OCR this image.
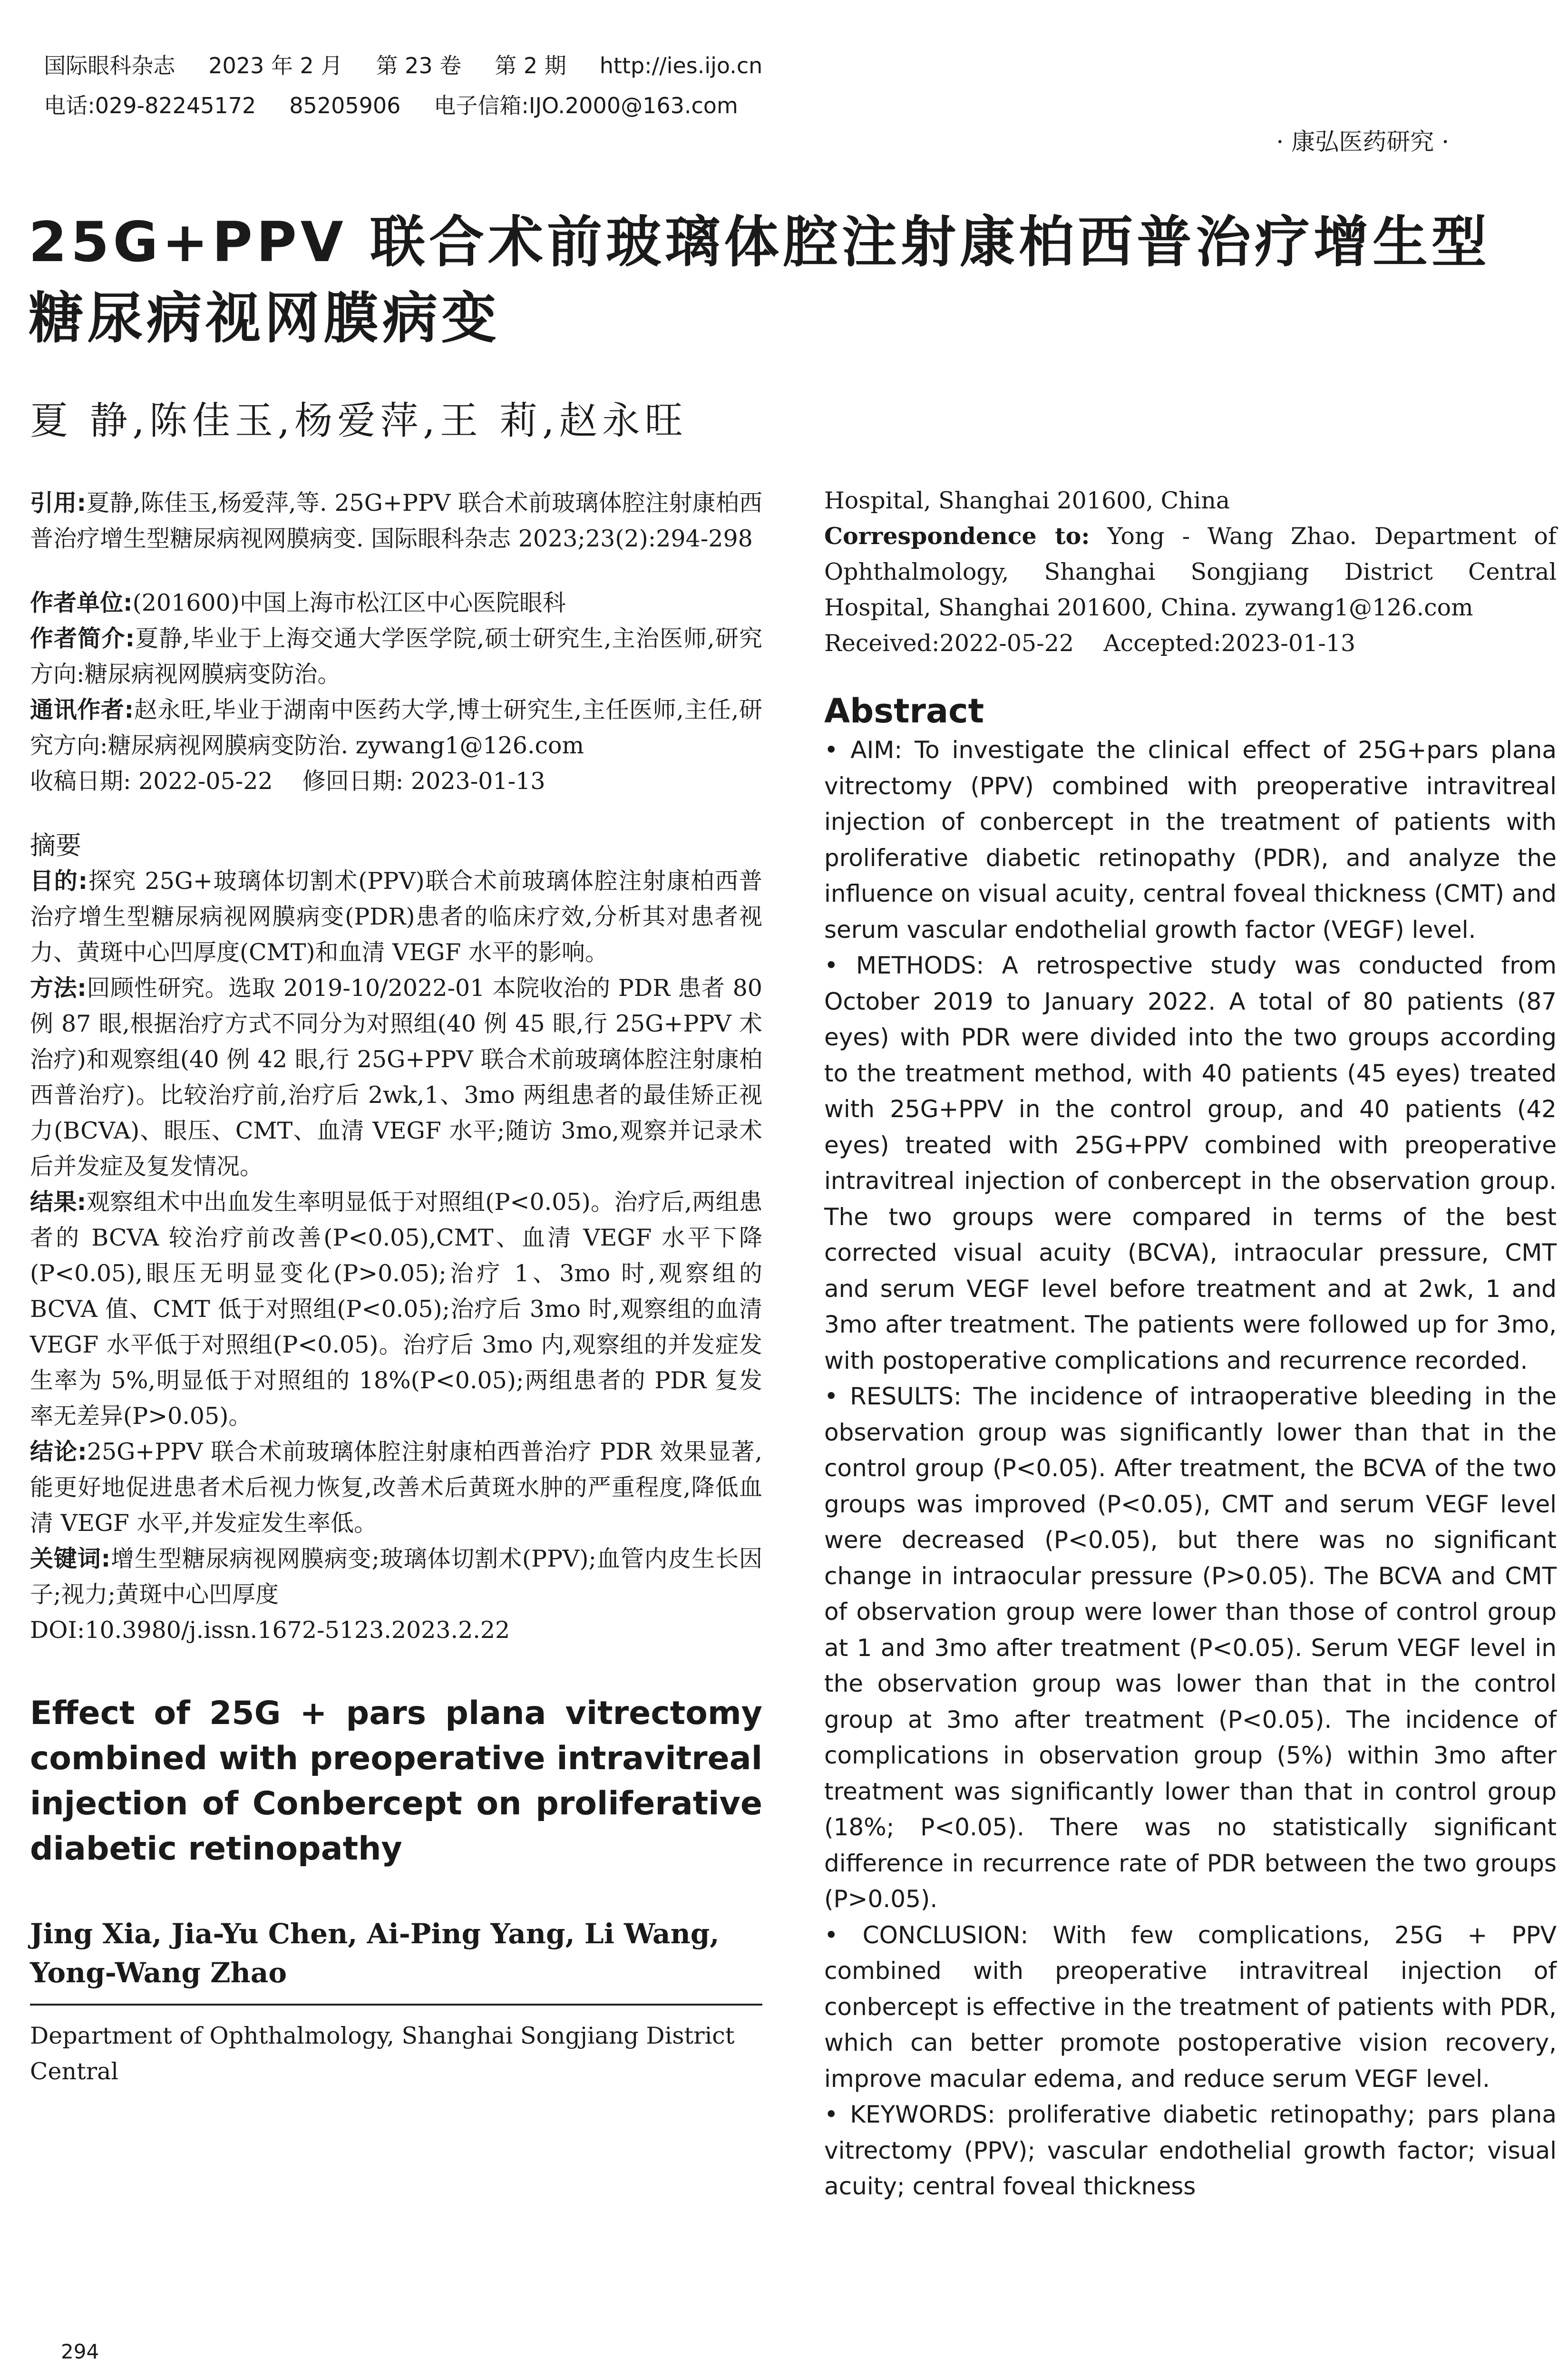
国际眼科杂志 2023 年 2 月 第 23 卷 第 2 期 http://ies.ijo.cn

电话:029-82245172 85205906 电子信箱:IJO.2000@163.com

· 康弘医药研究 ·
25G+PPV 联合术前玻璃体腔注射康柏西普治疗增生型糖尿病视网膜病变
夏 静,陈佳玉,杨爱萍,王 莉,赵永旺

引用:夏静,陈佳玉,杨爱萍,等. 25G+PPV 联合术前玻璃体腔注射康柏西普治疗增生型糖尿病视网膜病变. 国际眼科杂志 2023;23(2):294-298

作者单位:(201600)中国上海市松江区中心医院眼科

作者简介:夏静,毕业于上海交通大学医学院,硕士研究生,主治医师,研究方向:糖尿病视网膜病变防治。

通讯作者:赵永旺,毕业于湖南中医药大学,博士研究生,主任医师,主任,研究方向:糖尿病视网膜病变防治. zywang1@126.com

收稿日期: 2022-05-22    修回日期: 2023-01-13

摘要

目的:探究 25G+玻璃体切割术(PPV)联合术前玻璃体腔注射康柏西普治疗增生型糖尿病视网膜病变(PDR)患者的临床疗效,分析其对患者视力、黄斑中心凹厚度(CMT)和血清 VEGF 水平的影响。

方法:回顾性研究。选取 2019-10/2022-01 本院收治的 PDR 患者 80 例 87 眼,根据治疗方式不同分为对照组(40 例 45 眼,行 25G+PPV 术治疗)和观察组(40 例 42 眼,行 25G+PPV 联合术前玻璃体腔注射康柏西普治疗)。比较治疗前,治疗后 2wk,1、3mo 两组患者的最佳矫正视力(BCVA)、眼压、CMT、血清 VEGF 水平;随访 3mo,观察并记录术后并发症及复发情况。

结果:观察组术中出血发生率明显低于对照组(P<0.05)。治疗后,两组患者的 BCVA 较治疗前改善(P<0.05),CMT、血清 VEGF 水平下降(P<0.05),眼压无明显变化(P>0.05);治疗 1、3mo 时,观察组的 BCVA 值、CMT 低于对照组(P<0.05);治疗后 3mo 时,观察组的血清 VEGF 水平低于对照组(P<0.05)。治疗后 3mo 内,观察组的并发症发生率为 5%,明显低于对照组的 18%(P<0.05);两组患者的 PDR 复发率无差异(P>0.05)。

结论:25G+PPV 联合术前玻璃体腔注射康柏西普治疗 PDR 效果显著,能更好地促进患者术后视力恢复,改善术后黄斑水肿的严重程度,降低血清 VEGF 水平,并发症发生率低。

关键词:增生型糖尿病视网膜病变;玻璃体切割术(PPV);血管内皮生长因子;视力;黄斑中心凹厚度

DOI:10.3980/j.issn.1672-5123.2023.2.22

Effect of 25G + pars plana vitrectomy combined with preoperative intravitreal injection of Conbercept on proliferative diabetic retinopathy

Jing Xia, Jia-Yu Chen, Ai-Ping Yang, Li Wang, Yong-Wang Zhao

Department of Ophthalmology, Shanghai Songjiang District Central

Hospital, Shanghai 201600, China

Correspondence to: Yong - Wang Zhao. Department of Ophthalmology, Shanghai Songjiang District Central Hospital, Shanghai 201600, China. zywang1@126.com

Received:2022-05-22    Accepted:2023-01-13

Abstract

• AIM: To investigate the clinical effect of 25G+pars plana vitrectomy (PPV) combined with preoperative intravitreal injection of conbercept in the treatment of patients with proliferative diabetic retinopathy (PDR), and analyze the influence on visual acuity, central foveal thickness (CMT) and serum vascular endothelial growth factor (VEGF) level.

• METHODS: A retrospective study was conducted from October 2019 to January 2022. A total of 80 patients (87 eyes) with PDR were divided into the two groups according to the treatment method, with 40 patients (45 eyes) treated with 25G+PPV in the control group, and 40 patients (42 eyes) treated with 25G+PPV combined with preoperative intravitreal injection of conbercept in the observation group. The two groups were compared in terms of the best corrected visual acuity (BCVA), intraocular pressure, CMT and serum VEGF level before treatment and at 2wk, 1 and 3mo after treatment. The patients were followed up for 3mo, with postoperative complications and recurrence recorded.

• RESULTS: The incidence of intraoperative bleeding in the observation group was significantly lower than that in the control group (P<0.05). After treatment, the BCVA of the two groups was improved (P<0.05), CMT and serum VEGF level were decreased (P<0.05), but there was no significant change in intraocular pressure (P>0.05). The BCVA and CMT of observation group were lower than those of control group at 1 and 3mo after treatment (P<0.05). Serum VEGF level in the observation group was lower than that in the control group at 3mo after treatment (P<0.05). The incidence of complications in observation group (5%) within 3mo after treatment was significantly lower than that in control group (18%; P<0.05). There was no statistically significant difference in recurrence rate of PDR between the two groups (P>0.05).

• CONCLUSION: With few complications, 25G + PPV combined with preoperative intravitreal injection of conbercept is effective in the treatment of patients with PDR, which can better promote postoperative vision recovery, improve macular edema, and reduce serum VEGF level.

• KEYWORDS: proliferative diabetic retinopathy; pars plana vitrectomy (PPV); vascular endothelial growth factor; visual acuity; central foveal thickness

294
